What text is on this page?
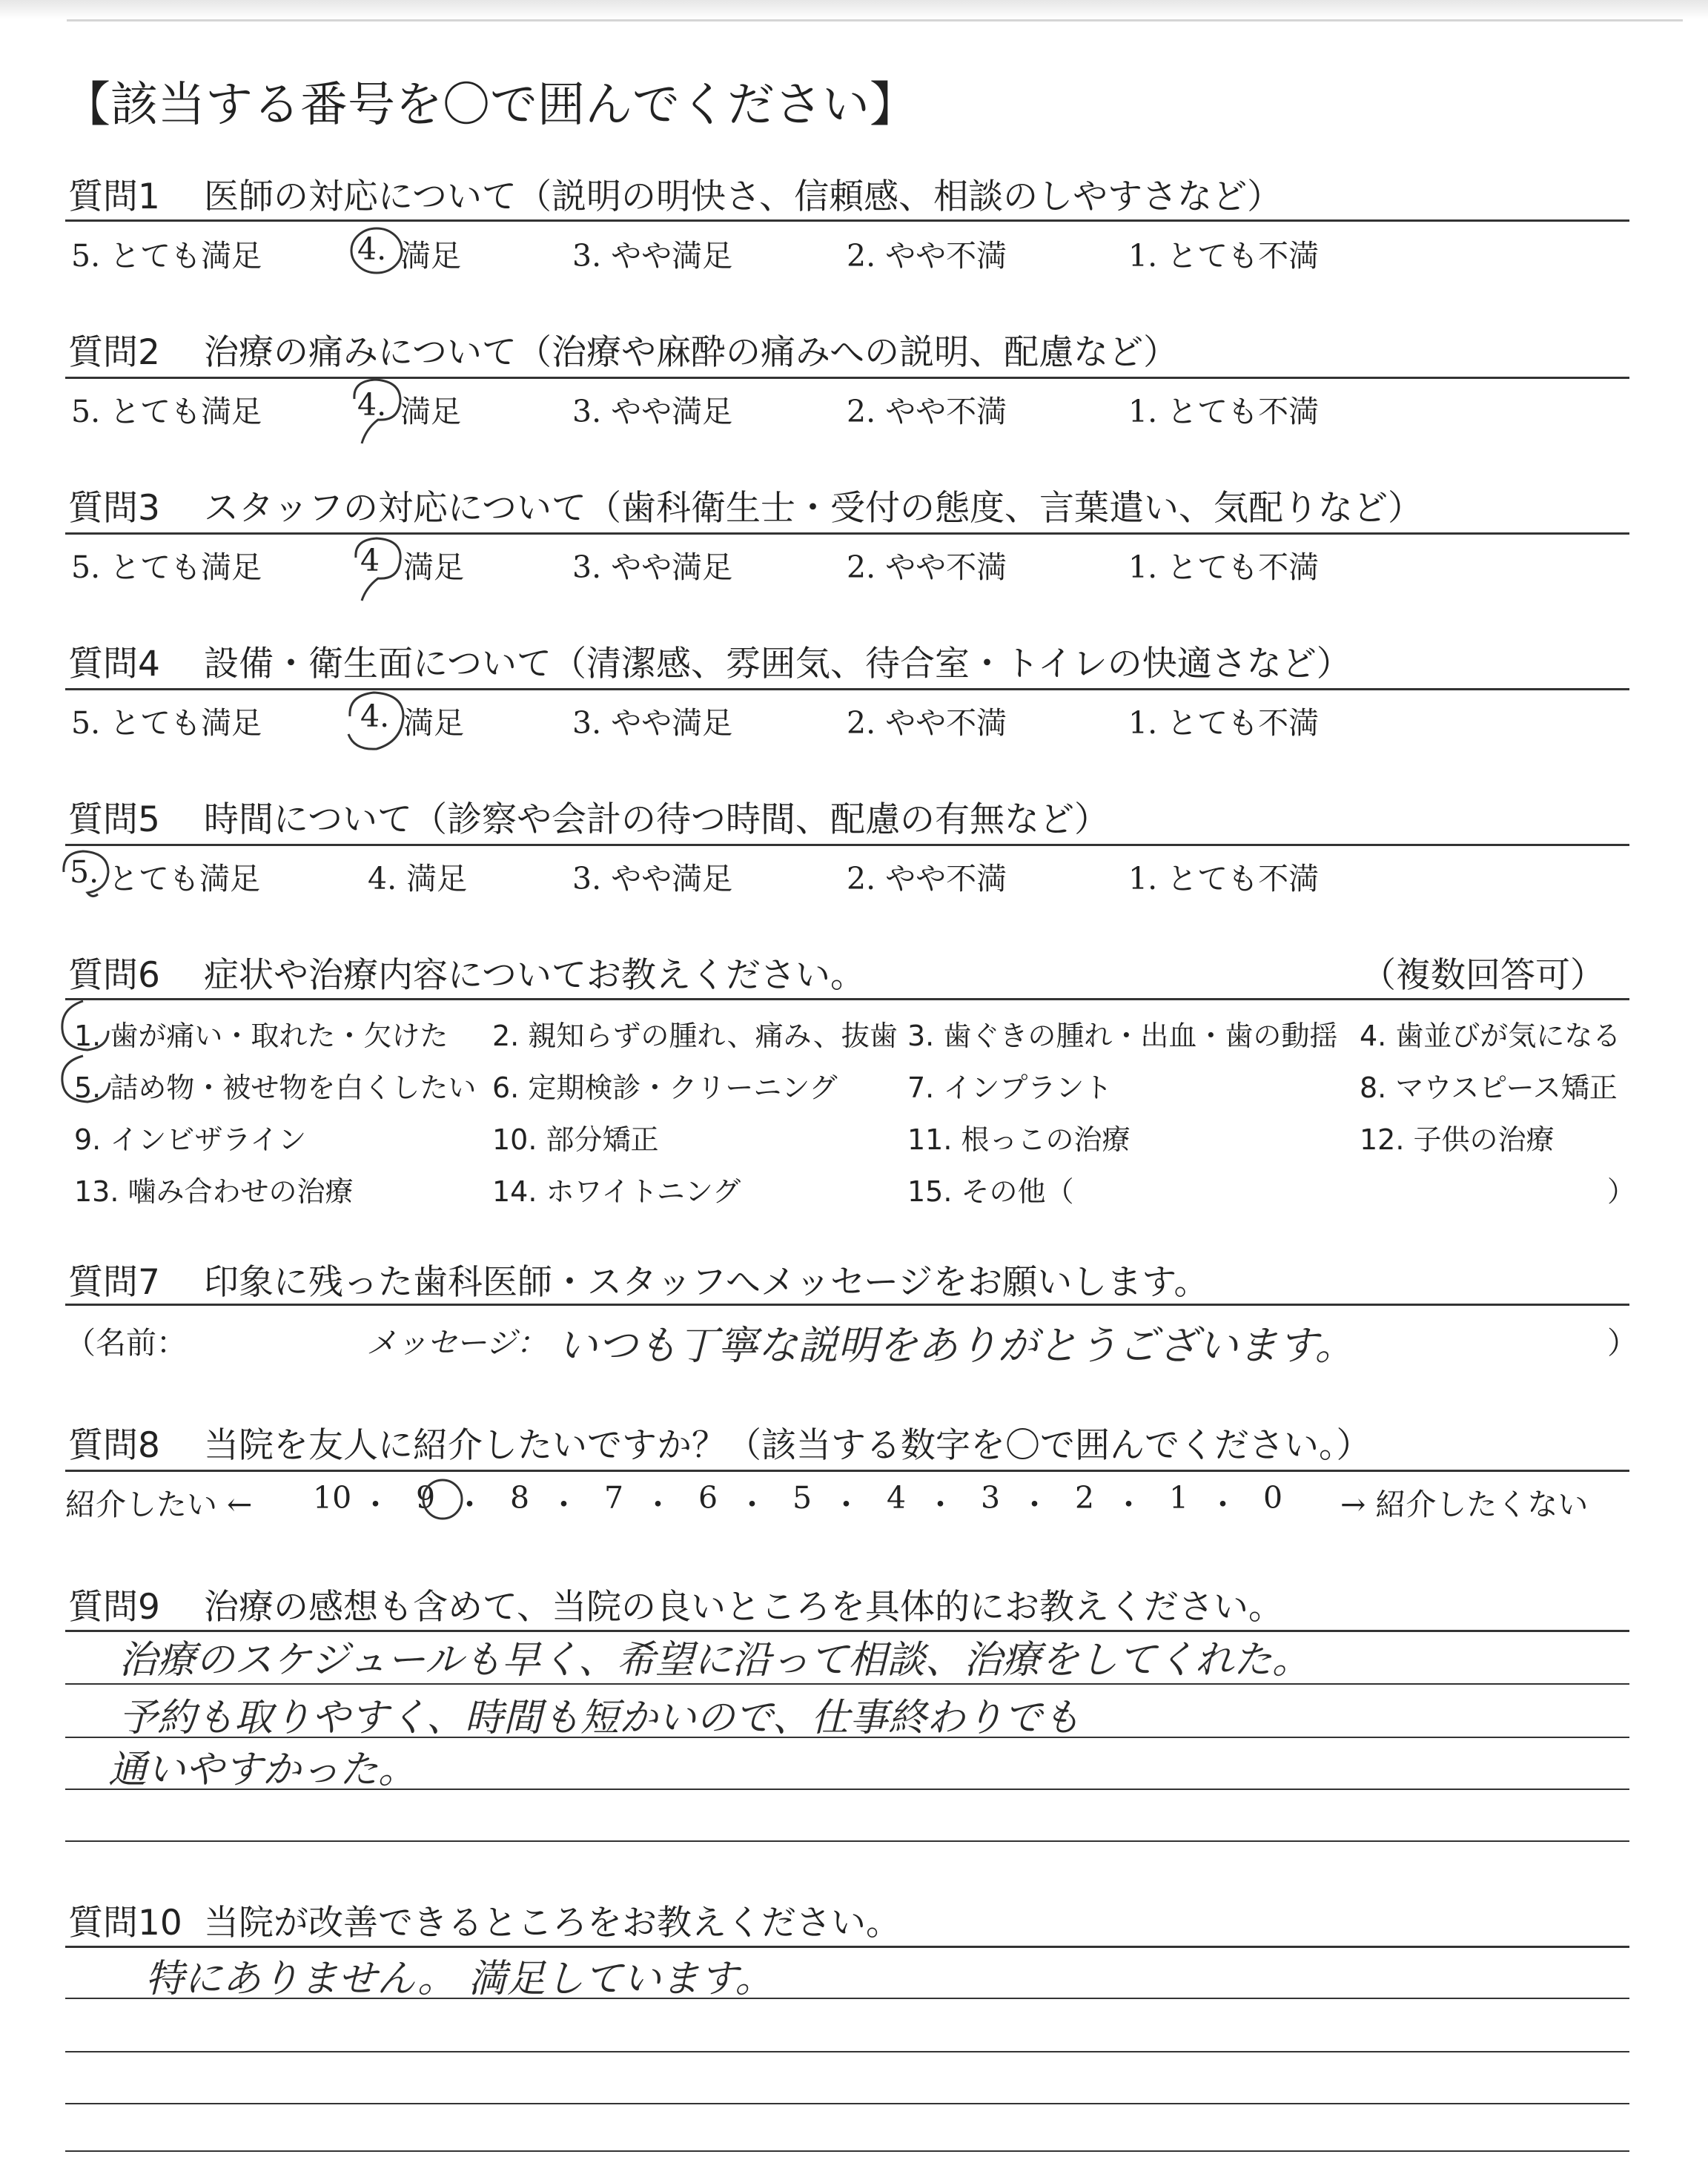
【該当する番号を〇で囲んでください】
質問1 医師の対応について（説明の明快さ、信頼感、相談のしやすさなど）
5. とても満足	4. 満足	3. やや満足	2. やや不満	1. とても不満
質問2 治療の痛みについて（治療や麻酔の痛みへの説明、配慮など）
5. とても満足	4. 満足	3. やや満足	2. やや不満	1. とても不満
質問3 スタッフの対応について（歯科衛生士・受付の態度、言葉遣い、気配りなど）
5. とても満足	4 満足	3. やや満足	2. やや不満	1. とても不満
質問4 設備・衛生面について（清潔感、雰囲気、待合室・トイレの快適さなど）
5. とても満足	4. 満足	3. やや満足	2. やや不満	1. とても不満
質問5 時間について（診察や会計の待つ時間、配慮の有無など）
5. とても満足	4. 満足	3. やや満足	2. やや不満	1. とても不満
質問6 症状や治療内容についてお教えください。	（複数回答可）
1. 歯が痛い・取れた・欠けた 2. 親知らずの腫れ、痛み、抜歯 3. 歯ぐきの腫れ・出血・歯の動揺 4. 歯並びが気になる
5. 詰め物・被せ物を白くしたい 6. 定期検診・クリーニング 7. インプラント	8. マウスピース矯正
9. インビザライン	10. 部分矯正	11. 根っこの治療	12. 子供の治療
13. 噛み合わせの治療	14. ホワイトニング	15. その他（	）
質問7 印象に残った歯科医師・スタッフへメッセージをお願いします。
（名前：	メッセージ： いつも丁寧な説明をありがとうございます。	）
質問8 当院を友人に紹介したいですか？（該当する数字を〇で囲んでください。）
紹介したい ← 10 ・ 9 ・ 8 ・ 7 ・ 6 ・ 5 ・ 4 ・ 3 ・ 2 ・ 1 ・ 0 → 紹介したくない
質問9 治療の感想も含めて、当院の良いところを具体的にお教えください。
治療のスケジュールも早く、希望に沿って相談、治療をしてくれた。
予約も取りやすく、時間も短かいので、仕事終わりでも
通いやすかった。
質問10 当院が改善できるところをお教えください。
特にありません。 満足しています。
